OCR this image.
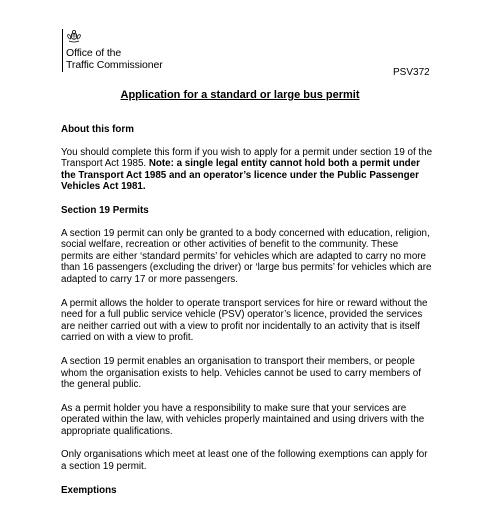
Office of the
Traffic Commissioner
PSV372
Application for a standard or large bus permit
About this form
You should complete this form if you wish to apply for a permit under section 19 of the Transport Act 1985. Note: a single legal entity cannot hold both a permit under the Transport Act 1985 and an operator’s licence under the Public Passenger Vehicles Act 1981.
Section 19 Permits
A section 19 permit can only be granted to a body concerned with education, religion, social welfare, recreation or other activities of benefit to the community. These permits are either ‘standard permits’ for vehicles which are adapted to carry no more than 16 passengers (excluding the driver) or ‘large bus permits’ for vehicles which are adapted to carry 17 or more passengers.
A permit allows the holder to operate transport services for hire or reward without the need for a full public service vehicle (PSV) operator’s licence, provided the services are neither carried out with a view to profit nor incidentally to an activity that is itself carried on with a view to profit.
A section 19 permit enables an organisation to transport their members, or people whom the organisation exists to help. Vehicles cannot be used to carry members of the general public.
As a permit holder you have a responsibility to make sure that your services are operated within the law, with vehicles properly maintained and using drivers with the appropriate qualifications.
Only organisations which meet at least one of the following exemptions can apply for a section 19 permit.
Exemptions
